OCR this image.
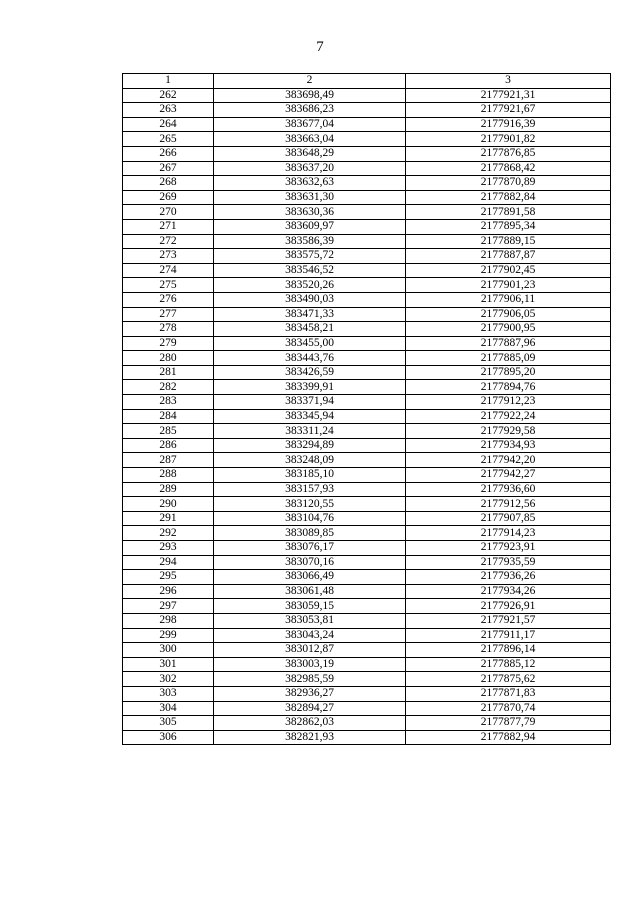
7
1	2	3
262	383698,49	2177921,31
263	383686,23	2177921,67
264	383677,04	2177916,39
265	383663,04	2177901,82
266	383648,29	2177876,85
267	383637,20	2177868,42
268	383632,63	2177870,89
269	383631,30	2177882,84
270	383630,36	2177891,58
271	383609,97	2177895,34
272	383586,39	2177889,15
273	383575,72	2177887,87
274	383546,52	2177902,45
275	383520,26	2177901,23
276	383490,03	2177906,11
277	383471,33	2177906,05
278	383458,21	2177900,95
279	383455,00	2177887,96
280	383443,76	2177885,09
281	383426,59	2177895,20
282	383399,91	2177894,76
283	383371,94	2177912,23
284	383345,94	2177922,24
285	383311,24	2177929,58
286	383294,89	2177934,93
287	383248,09	2177942,20
288	383185,10	2177942,27
289	383157,93	2177936,60
290	383120,55	2177912,56
291	383104,76	2177907,85
292	383089,85	2177914,23
293	383076,17	2177923,91
294	383070,16	2177935,59
295	383066,49	2177936,26
296	383061,48	2177934,26
297	383059,15	2177926,91
298	383053,81	2177921,57
299	383043,24	2177911,17
300	383012,87	2177896,14
301	383003,19	2177885,12
302	382985,59	2177875,62
303	382936,27	2177871,83
304	382894,27	2177870,74
305	382862,03	2177877,79
306	382821,93	2177882,94
